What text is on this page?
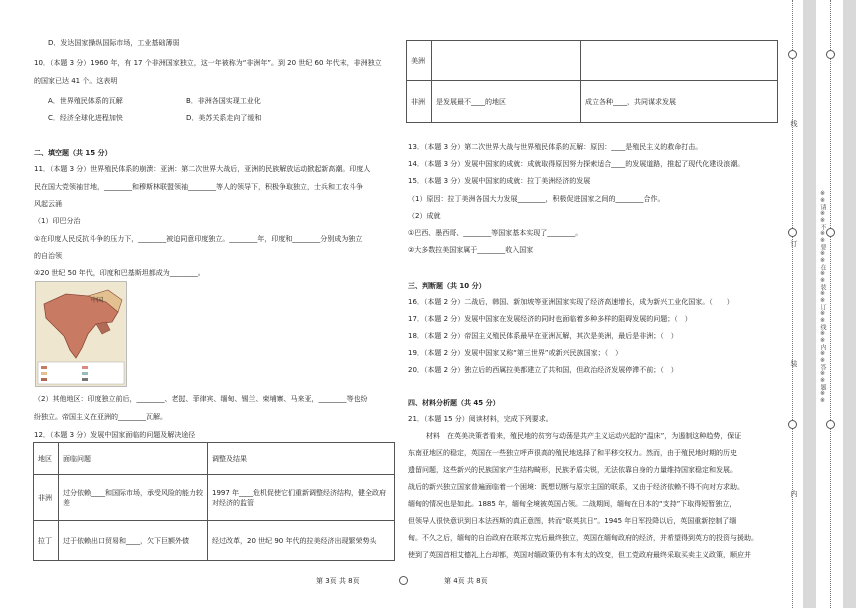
D．发达国家操纵国际市场，工业基础薄弱
10．（本题 3 分）1960 年，有 17 个非洲国家独立，这一年被称为“非洲年”。到 20 世纪 60 年代末，非洲独立
的国家已达 41 个。这表明
A．世界殖民体系的瓦解	B．非洲各国实现工业化
C．经济全球化进程加快	D．美苏关系走向了缓和
二、填空题（共 15 分）
11．（本题 3 分）世界殖民体系的崩溃：亚洲：第二次世界大战后，亚洲的民族解放运动掀起新高潮。印度人
民在国大党领袖甘地，________和穆斯林联盟领袖________等人的领导下，积极争取独立，士兵和工农斗争
风起云涌
（1）印巴分治
①在印度人民反抗斗争的压力下，________被迫同意印度独立。________年，印度和________分别成为独立
的自治领
②20 世纪 50 年代，印度和巴基斯坦都成为________。
中国
（2）其他地区：印度独立前后，________、老挝、菲律宾、缅甸、锡兰、柬埔寨、马来亚，________等也纷
纷独立。帝国主义在亚洲的________瓦解。
12．（本题 3 分）发展中国家面临的问题及解决途径
地区	面临问题	调整及结果
非洲	过分依赖____和国际市场，承受风险的能力较差	1997 年____危机促使它们重新调整经济结构，健全政府对经济的监管
拉丁	过于依赖出口贸易和____，欠下巨额外债	经过改革，20 世纪 90 年代的拉美经济出现繁荣势头
第 3页 共 8页	第 4页 共 8页
美洲		
非洲	是发展最不____的地区	成立各种____，共同谋求发展
13．（本题 3 分）第二次世界大战与世界殖民体系的瓦解：原因：____是殖民主义的救命打击。
14．（本题 3 分）发展中国家的成就：成就取得原因努力探索适合____的发展道路，推起了现代化建设浪潮。
15．（本题 3 分）发展中国家的成就：拉丁美洲经济的发展
（1）原因：拉丁美洲各国大力发展________，积极促进国家之间的________合作。
（2）成就
①巴西、墨西哥、________等国家基本实现了________。
②大多数拉美国家属于________收入国家
三、判断题（共 10 分）
16．（本题 2 分）二战后，韩国、新加坡等亚洲国家实现了经济高速增长，成为新兴工业化国家。（　　）
17．（本题 2 分）发展中国家在发展经济的同时也面临着多种多样的阻碍发展的问题；（　）
18．（本题 2 分）帝国主义殖民体系最早在亚洲瓦解，其次是美洲，最后是非洲；（　）
19．（本题 2 分）发展中国家又称“第三世界”或新兴民族国家；（　）
20．（本题 2 分）独立后的西属拉美都建立了共和国，但政治经济发展停滞不前；（　）
四、材料分析题（共 45 分）
21．（本题 15 分）阅读材料，完成下列要求。
材料　在英美决策者看来，殖民地的贫穷与动荡是共产主义运动兴起的“温床”，为遏制这种趋势，保证
东南亚地区的稳定，英国在一些独立呼声很高的殖民地选择了和平移交权力。然而，由于殖民地时期的历史
遗留问题，这些新兴的民族国家产生结构畸形，民族矛盾尖锐，无法依靠自身的力量维持国家稳定和发展。
战后的新兴独立国家普遍面临着一个困境：既想切断与原宗主国的联系，又由于经济依赖不得不向对方求助。
缅甸的情况也是如此。1885 年，缅甸全境被英国占领。二战期间，缅甸在日本的“支持”下取得短暂独立，
但领导人很快意识到日本法西斯的真正意图，转而“联英抗日”。1945 年日军投降以后，英国重新控制了缅
甸。不久之后，缅甸的自治政府在联邦立宪后最终独立，英国在缅甸政府的经济，并希望得到英方的投资与援助。
使到了英国首相艾德礼上台却都，英国对缅政策仍有本有太的改变，但工党政府最终采取买卖主义政策，顺应并
※※请※※不※※要※※在※※装※※订※※线※※内※※答※※题※※
线
订
装
内
